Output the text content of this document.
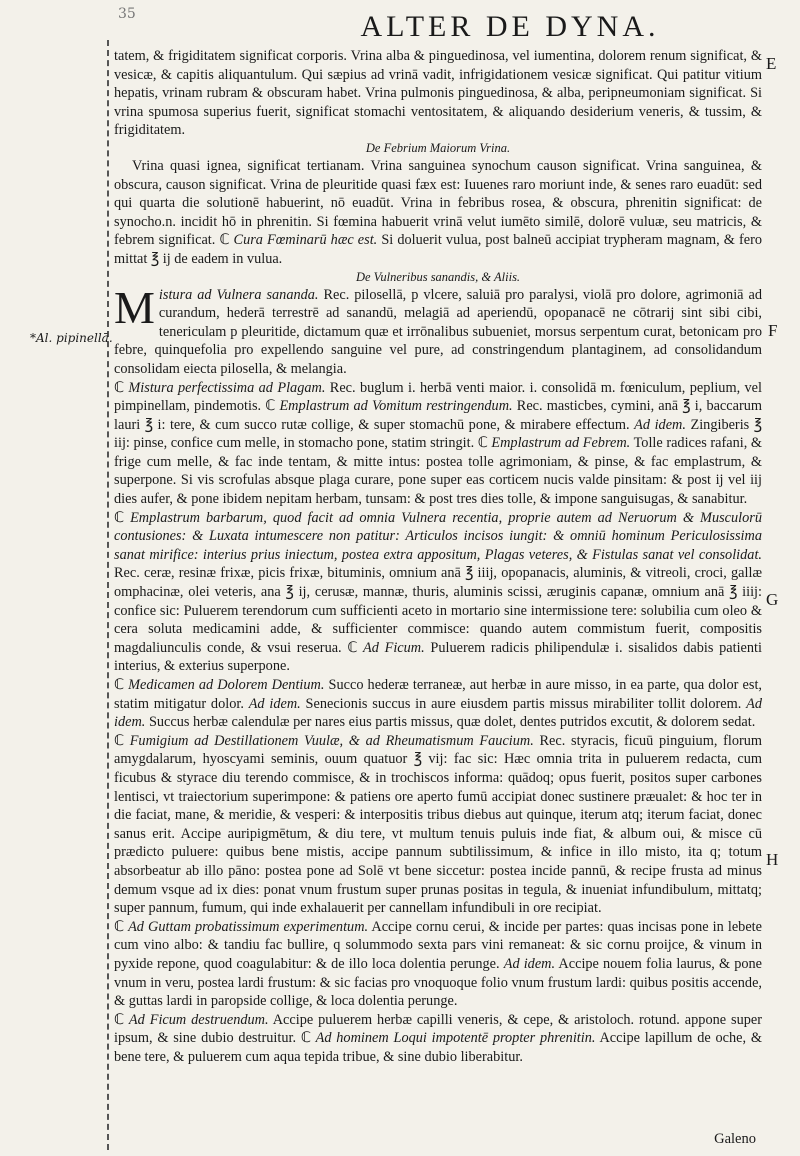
35	ALTER DE DYNA.
*Al. pipinellā.
E
F
G
H

tatem, & frigiditatem significat corporis. Vrina alba & pinguedinosa, vel iumentina, dolorem renum significat, & vesicæ, & capitis aliquantulum. Qui sæpius ad vrinā vadit, infrigidationem vesicæ significat. Qui patitur vitium hepatis, vrinam rubram & obscuram habet. Vrina pulmonis pinguedinosa, & alba, peripneumoniam significat. Si vrina spumosa superius fuerit, significat stomachi ventositatem, & aliquando desiderium veneris, & tussim, & frigiditatem.

De Febrium Maiorum Vrina.

Vrina quasi ignea, significat tertianam. Vrina sanguinea synochum causon significat. Vrina sanguinea, & obscura, causon significat. Vrina de pleuritide quasi fæx est: Iuuenes raro moriunt inde, & senes raro euadūt: sed qui quarta die solutionē habuerint, nō euadūt. Vrina in febribus rosea, & obscura, phrenitin significat: de synocho.n. incidit hō in phrenitin. Si fœmina habuerit vrinā velut iumēto similē, dolorē vuluæ, seu matricis, & febrem significat. ℂ Cura Fœminarū hæc est. Si doluerit vulua, post balneū accipiat trypheram magnam, & fero mittat ℥ ij de eadem in vulua.

De Vulneribus sanandis, & Aliis.

Mistura ad Vulnera sananda. Rec. pilosellā, p vlcere, saluiā pro paralysi, violā pro dolore, agrimoniā ad curandum, hederā terrestrē ad sanandū, melagiā ad aperiendū, opopanacē ne cōtrarij sint sibi cibi, tenericulam p pleuritide, dictamum quæ et irrōnalibus subueniet, morsus serpentum curat, betonicam pro febre, quinquefolia pro expellendo sanguine vel pure, ad constringendum plantaginem, ad consolidandum consolidam eiecta pilosella, & melangia.

ℂ Mistura perfectissima ad Plagam. Rec. buglum i. herbā venti maior. i. consolidā m. fœniculum, peplium, vel pimpinellam, pindemotis. ℂ Emplastrum ad Vomitum restringendum. Rec. masticbes, cymini, anā ℥ i, baccarum lauri ℥ i: tere, & cum succo rutæ collige, & super stomachū pone, & mirabere effectum. Ad idem. Zingiberis ℥ iij: pinse, confice cum melle, in stomacho pone, statim stringit. ℂ Emplastrum ad Febrem. Tolle radices rafani, & frige cum melle, & fac inde tentam, & mitte intus: postea tolle agrimoniam, & pinse, & fac emplastrum, & superpone. Si vis scrofulas absque plaga curare, pone super eas corticem nucis valde pinsitam: & post ij vel iij dies aufer, & pone ibidem nepitam herbam, tunsam: & post tres dies tolle, & impone sanguisugas, & sanabitur.

ℂ Emplastrum barbarum, quod facit ad omnia Vulnera recentia, proprie autem ad Neruorum & Musculorū contusiones: & Luxata intumescere non patitur: Articulos incisos iungit: & omniū hominum Periculosissima sanat mirifice: interius prius iniectum, postea extra appositum, Plagas veteres, & Fistulas sanat vel consolidat. Rec. ceræ, resinæ frixæ, picis frixæ, bituminis, omnium anā ℥ iiij, opopanacis, aluminis, & vitreoli, croci, gallæ omphacinæ, olei veteris, ana ℥ ij, cerusæ, mannæ, thuris, aluminis scissi, æruginis capanæ, omnium anā ℥ iiij: confice sic: Puluerem terendorum cum sufficienti aceto in mortario sine intermissione tere: solubilia cum oleo & cera soluta medicamini adde, & sufficienter commisce: quando autem commistum fuerit, compositis magdaliunculis conde, & vsui reserua. ℂ Ad Ficum. Puluerem radicis philipendulæ i. sisalidos dabis patienti interius, & exterius superpone.

ℂ Medicamen ad Dolorem Dentium. Succo hederæ terraneæ, aut herbæ in aure misso, in ea parte, qua dolor est, statim mitigatur dolor. Ad idem. Senecionis succus in aure eiusdem partis missus mirabiliter tollit dolorem. Ad idem. Succus herbæ calendulæ per nares eius partis missus, quæ dolet, dentes putridos excutit, & dolorem sedat.

ℂ Fumigium ad Destillationem Vuulæ, & ad Rheumatismum Faucium. Rec. styracis, ficuū pinguium, florum amygdalarum, hyoscyami seminis, ouum quatuor ℥ vij: fac sic: Hæc omnia trita in puluerem redacta, cum ficubus & styrace diu terendo commisce, & in trochiscos informa: quādoq; opus fuerit, positos super carbones lentisci, vt traiectorium superimpone: & patiens ore aperto fumū accipiat donec sustinere præualet: & hoc ter in die faciat, mane, & meridie, & vesperi: & interpositis tribus diebus aut quinque, iterum atq; iterum faciat, donec sanus erit. Accipe auripigmētum, & diu tere, vt multum tenuis puluis inde fiat, & album oui, & misce cū prædicto puluere: quibus bene mistis, accipe pannum subtilissimum, & infice in illo misto, ita q; totum absorbeatur ab illo pāno: postea pone ad Solē vt bene siccetur: postea incide pannū, & recipe frusta ad minus demum vsque ad ix dies: ponat vnum frustum super prunas positas in tegula, & inueniat infundibulum, mittatq; super pannum, fumum, qui inde exhalauerit per cannellam infundibuli in ore recipiat.

ℂ Ad Guttam probatissimum experimentum. Accipe cornu cerui, & incide per partes: quas incisas pone in lebete cum vino albo: & tandiu fac bullire, q solummodo sexta pars vini remaneat: & sic cornu proijce, & vinum in pyxide repone, quod coagulabitur: & de illo loca dolentia perunge. Ad idem. Accipe nouem folia laurus, & pone vnum in veru, postea lardi frustum: & sic facias pro vnoquoque folio vnum frustum lardi: quibus positis accende, & guttas lardi in paropside collige, & loca dolentia perunge.

ℂ Ad Ficum destruendum. Accipe puluerem herbæ capilli veneris, & cepe, & aristoloch. rotund. appone super ipsum, & sine dubio destruitur. ℂ Ad hominem Loqui impotentē propter phrenitin. Accipe lapillum de oche, & bene tere, & puluerem cum aqua tepida tribue, & sine dubio liberabitur.

Galeno
